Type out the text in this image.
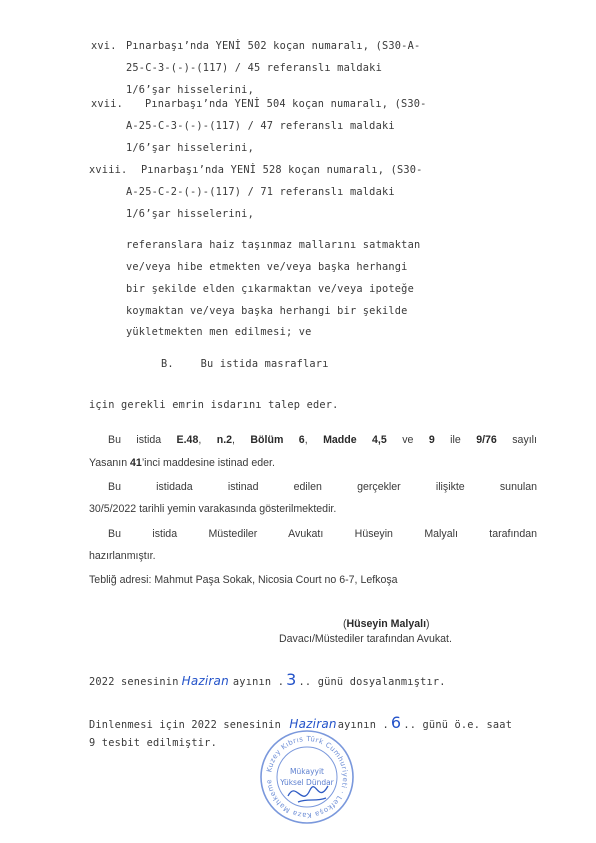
xvi. Pınarbaşı’nda YENİ 502 koçan numaralı, (S30-A-
25-C-3-(-)-(117) / 45 referanslı maldaki
1/6’şar hisselerini,
xvii. Pınarbaşı’nda YENİ 504 koçan numaralı, (S30-
A-25-C-3-(-)-(117) / 47 referanslı maldaki
1/6’şar hisselerini,
xviii. Pınarbaşı’nda YENİ 528 koçan numaralı, (S30-
A-25-C-2-(-)-(117) / 71 referanslı maldaki
1/6’şar hisselerini,
referanslara haiz taşınmaz mallarını satmaktan
ve/veya hibe etmekten ve/veya başka herhangi
bir şekilde elden çıkarmaktan ve/veya ipoteğe
koymaktan ve/veya başka herhangi bir şekilde
yükletmekten men edilmesi; ve
B.	Bu istida masrafları
için gerekli emrin isdarını talep eder.
Bu istida E.48, n.2, Bölüm 6, Madde 4,5 ve 9 ile 9/76 sayılı
Yasanın 41’inci maddesine istinad eder.
Bu istidada istinad edilen gerçekler ilişikte sunulan
30/5/2022 tarihli yemin varakasında gösterilmektedir.
Bu istida Müstediler Avukatı Hüseyin Malyalı tarafından
hazırlanmıştır.
Tebliğ adresi: Mahmut Paşa Sokak, Nicosia Court no 6-7, Lefkoşa
(Hüseyin Malyalı)
Davacı/Müstediler tarafından Avukat.
2022 senesinin Haziran ayının . 3 .. günü dosyalanmıştır.
Dinlenmesi için 2022 senesinin Haziranayının . 6 .. günü ö.e. saat
9 tesbit edilmiştir.
Kuzey Kıbrıs Türk Cumhuriyeti · Lefkoşa Kaza Mahkeme
Mükayyit
Yüksel Dündar
